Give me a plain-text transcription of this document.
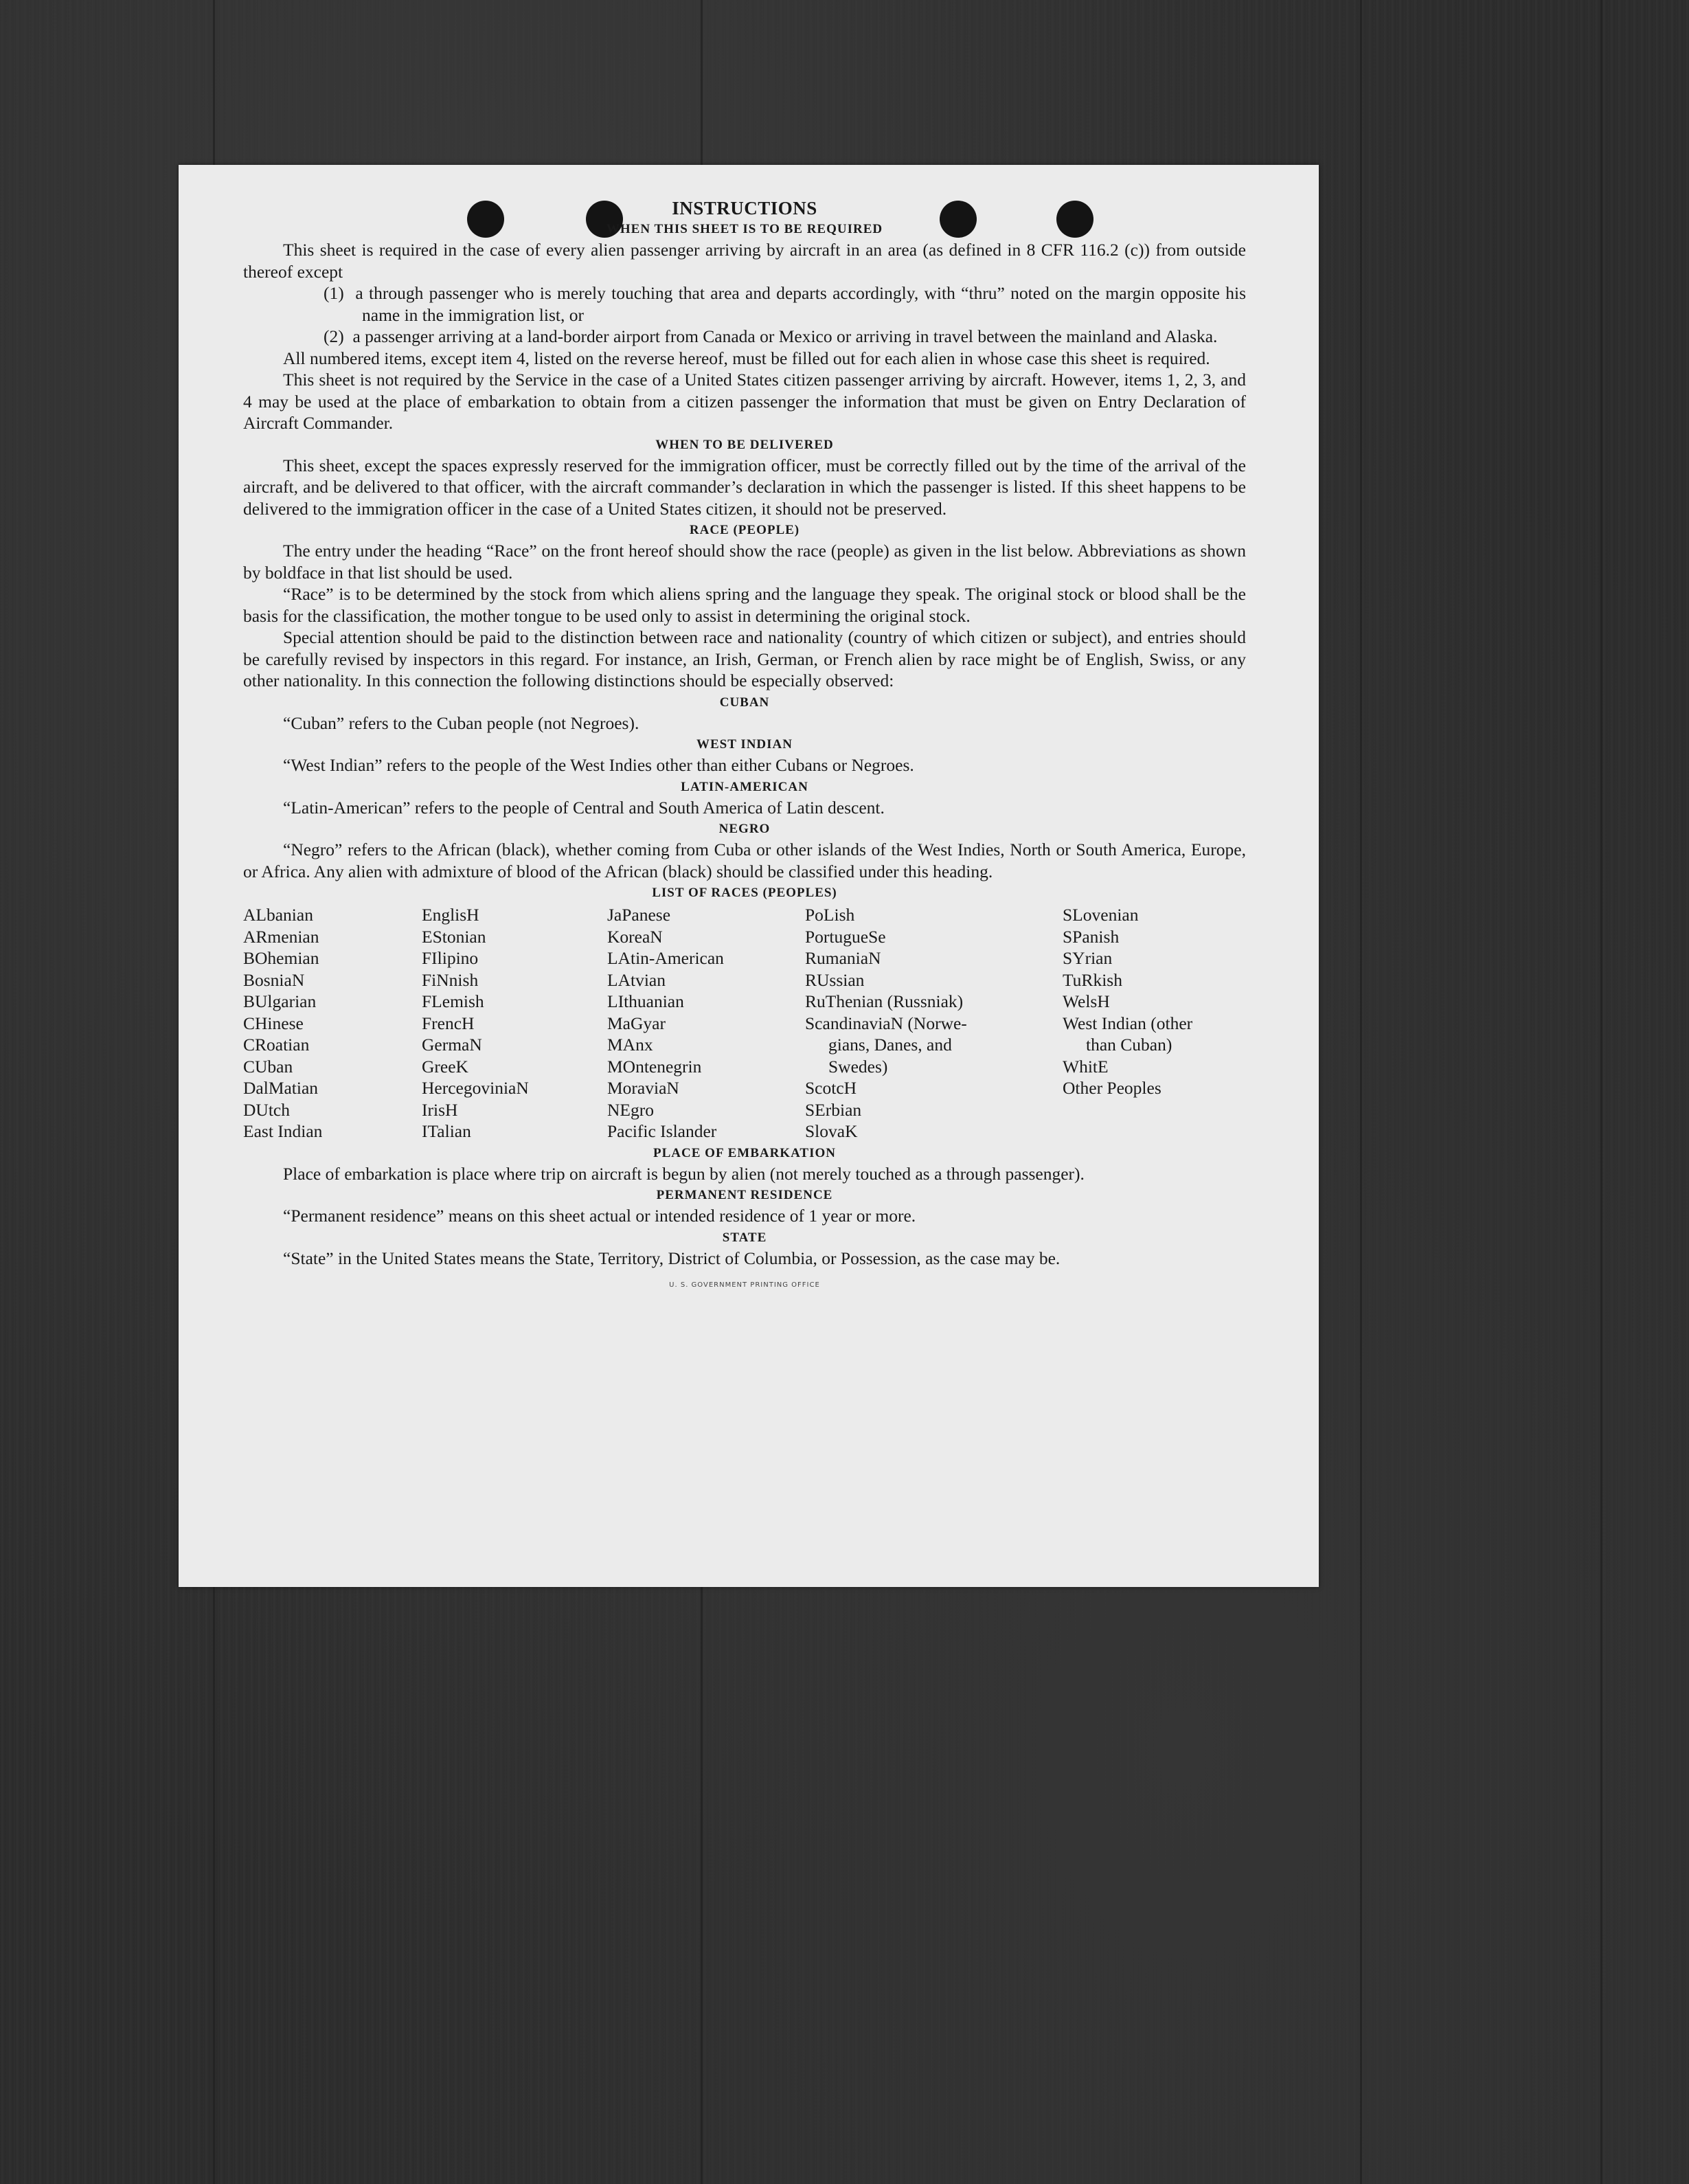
INSTRUCTIONS
WHEN THIS SHEET IS TO BE REQUIRED

This sheet is required in the case of every alien passenger arriving by aircraft in an area (as defined in 8 CFR 116.2 (c)) from outside thereof except

(1) a through passenger who is merely touching that area and departs accordingly, with “thru” noted on the margin opposite his name in the immigration list, or

(2) a passenger arriving at a land-border airport from Canada or Mexico or arriving in travel between the mainland and Alaska.

All numbered items, except item 4, listed on the reverse hereof, must be filled out for each alien in whose case this sheet is required.

This sheet is not required by the Service in the case of a United States citizen passenger arriving by aircraft. However, items 1, 2, 3, and 4 may be used at the place of embarkation to obtain from a citizen passenger the information that must be given on Entry Declaration of Aircraft Commander.

WHEN TO BE DELIVERED

This sheet, except the spaces expressly reserved for the immigration officer, must be correctly filled out by the time of the arrival of the aircraft, and be delivered to that officer, with the aircraft commander’s declaration in which the passenger is listed. If this sheet happens to be delivered to the immigration officer in the case of a United States citizen, it should not be preserved.

RACE (PEOPLE)

The entry under the heading “Race” on the front hereof should show the race (people) as given in the list below. Abbreviations as shown by boldface in that list should be used.

“Race” is to be determined by the stock from which aliens spring and the language they speak. The original stock or blood shall be the basis for the classification, the mother tongue to be used only to assist in determining the original stock.

Special attention should be paid to the distinction between race and nationality (country of which citizen or subject), and entries should be carefully revised by inspectors in this regard. For instance, an Irish, German, or French alien by race might be of English, Swiss, or any other nationality. In this connection the following distinctions should be especially observed:

CUBAN

“Cuban” refers to the Cuban people (not Negroes).

WEST INDIAN

“West Indian” refers to the people of the West Indies other than either Cubans or Negroes.

LATIN-AMERICAN

“Latin-American” refers to the people of Central and South America of Latin descent.

NEGRO

“Negro” refers to the African (black), whether coming from Cuba or other islands of the West Indies, North or South America, Europe, or Africa. Any alien with admixture of blood of the African (black) should be classified under this heading.

LIST OF RACES (PEOPLES)
ALbanian
ARmenian
BOhemian
BosniaN
BUlgarian
CHinese
CRoatian
CUban
DalMatian
DUtch
East Indian
EnglisH
EStonian
FIlipino
FiNnish
FLemish
FrencH
GermaN
GreeK
HercegoviniaN
IrisH
ITalian
JaPanese
KoreaN
LAtin-American
LAtvian
LIthuanian
MaGyar
MAnx
MOntenegrin
MoraviaN
NEgro
Pacific Islander
PoLish
PortugueSe
RumaniaN
RUssian
RuThenian (Russniak)
ScandinaviaN (Norwe-
gians, Danes, and
Swedes)
ScotcH
SErbian
SlovaK
SLovenian
SPanish
SYrian
TuRkish
WelsH
West Indian (other
than Cuban)
WhitE
Other Peoples
PLACE OF EMBARKATION

Place of embarkation is place where trip on aircraft is begun by alien (not merely touched as a through passenger).

PERMANENT RESIDENCE

“Permanent residence” means on this sheet actual or intended residence of 1 year or more.

STATE

“State” in the United States means the State, Territory, District of Columbia, or Possession, as the case may be.

U. S. GOVERNMENT PRINTING OFFICE
